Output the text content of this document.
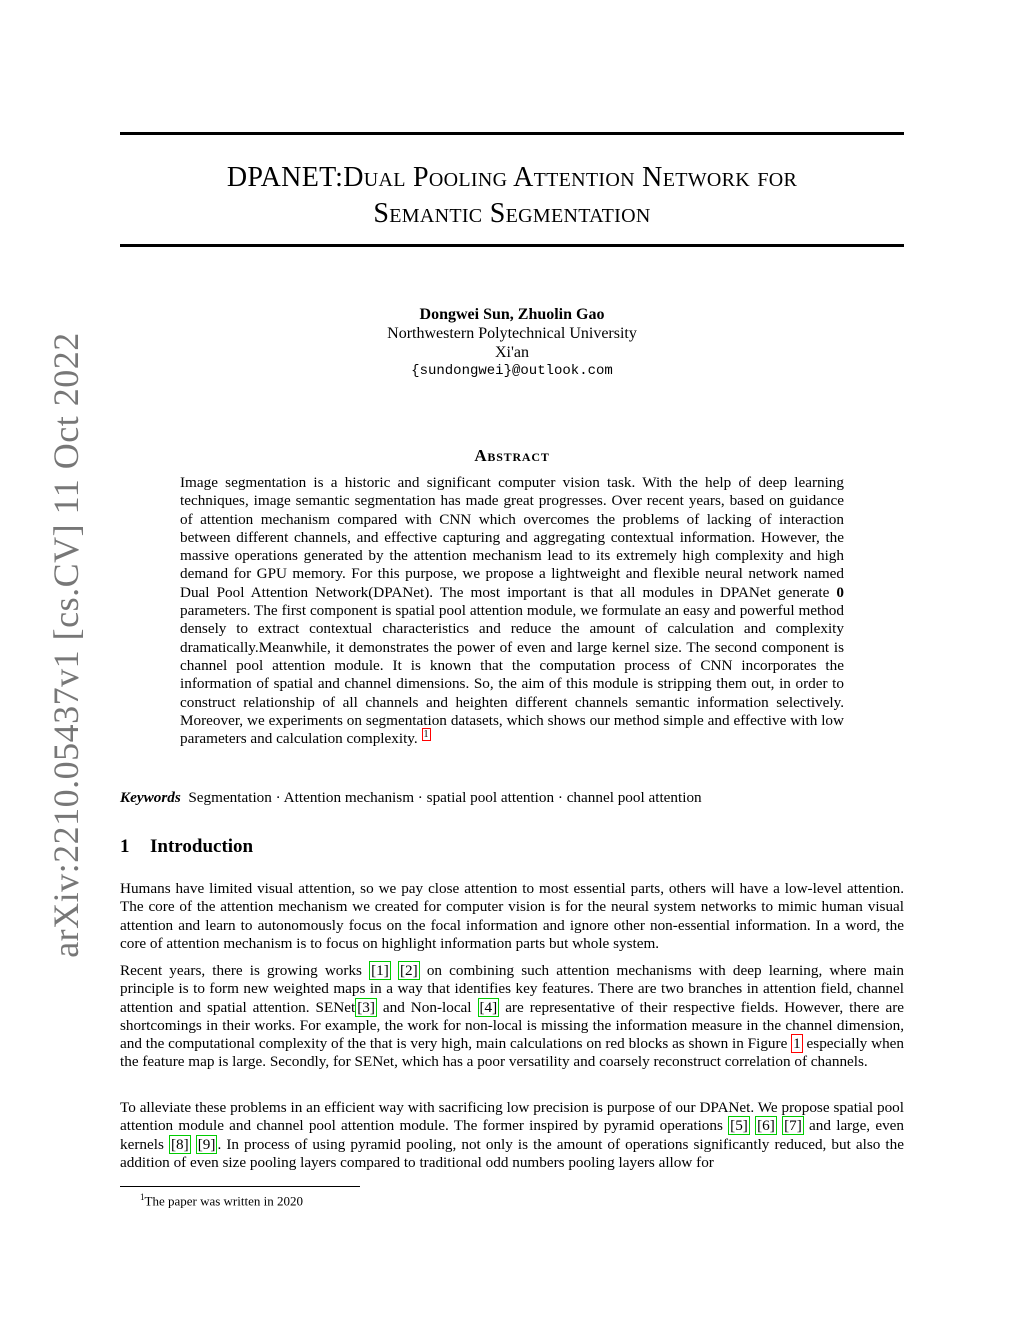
arXiv:2210.05437v1 [cs.CV] 11 Oct 2022
DPANET:Dual Pooling Attention Network for
Semantic Segmentation
Dongwei Sun, Zhuolin Gao
Northwestern Polytechnical University
Xi'an
{sundongwei}@outlook.com
Abstract
Image segmentation is a historic and significant computer vision task. With the help of deep learning techniques, image semantic segmentation has made great progresses. Over recent years, based on guidance of attention mechanism compared with CNN which overcomes the problems of lacking of interaction between different channels, and effective capturing and aggregating contextual information. However, the massive operations generated by the attention mechanism lead to its extremely high complexity and high demand for GPU memory. For this purpose, we propose a lightweight and flexible neural network named Dual Pool Attention Network(DPANet). The most important is that all modules in DPANet generate 0 parameters. The first component is spatial pool attention module, we formulate an easy and powerful method densely to extract contextual characteristics and reduce the amount of calculation and complexity dramatically.Meanwhile, it demonstrates the power of even and large kernel size. The second component is channel pool attention module. It is known that the computation process of CNN incorporates the information of spatial and channel dimensions. So, the aim of this module is stripping them out, in order to construct relationship of all channels and heighten different channels semantic information selectively. Moreover, we experiments on segmentation datasets, which shows our method simple and effective with low parameters and calculation complexity. $^1$
Keywords Segmentation · Attention mechanism · spatial pool attention · channel pool attention
1 Introduction
Humans have limited visual attention, so we pay close attention to most essential parts, others will have a low-level attention. The core of the attention mechanism we created for computer vision is for the neural system networks to mimic human visual attention and learn to autonomously focus on the focal information and ignore other non-essential information. In a word, the core of attention mechanism is to focus on highlight information parts but whole system.
Recent years, there is growing works [1] [2] on combining such attention mechanisms with deep learning, where main principle is to form new weighted maps in a way that identifies key features. There are two branches in attention field, channel attention and spatial attention. SENet [3] and Non-local [4] are representative of their respective fields. However, there are shortcomings in their works. For example, the work for non-local is missing the information measure in the channel dimension, and the computational complexity of the that is very high, main calculations on red blocks as shown in Figure 1 especially when the feature map is large. Secondly, for SENet, which has a poor versatility and coarsely reconstruct correlation of channels.
To alleviate these problems in an efficient way with sacrificing low precision is purpose of our DPANet. We propose spatial pool attention module and channel pool attention module. The former inspired by pyramid operations [5] [6] [7] and large, even kernels [8] [9] . In process of using pyramid pooling, not only is the amount of operations significantly reduced, but also the addition of even size pooling layers compared to traditional odd numbers pooling layers allow for
$^1$The paper was written in 2020
